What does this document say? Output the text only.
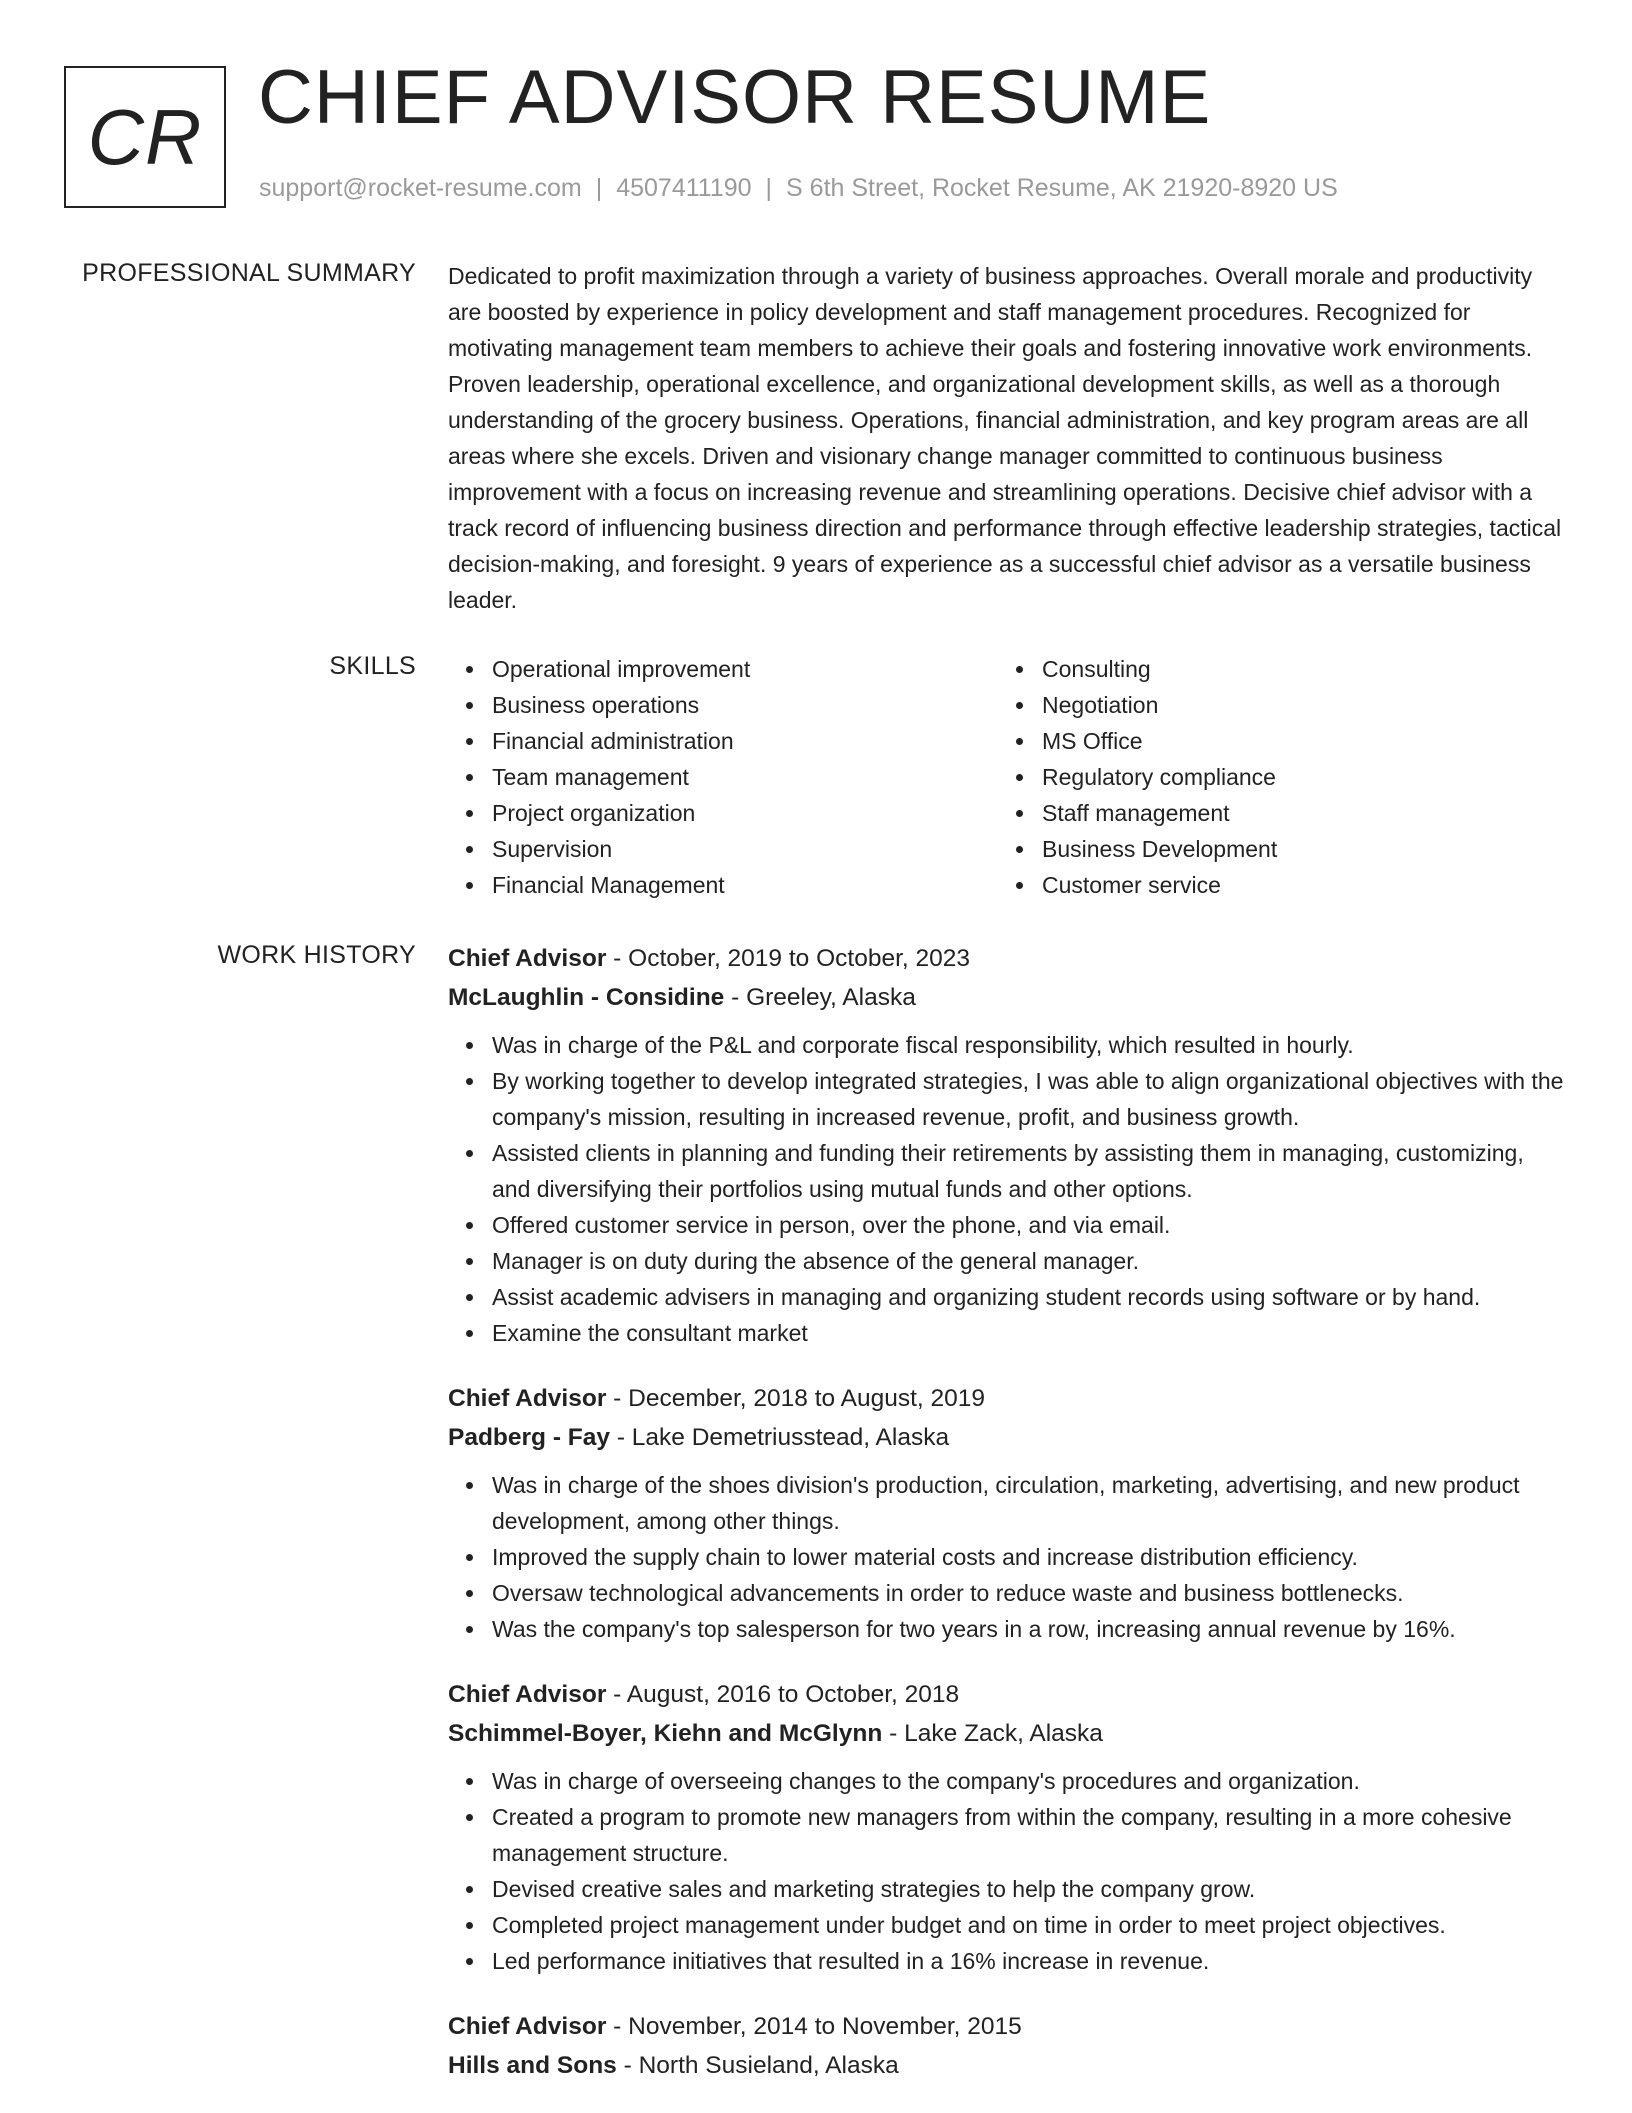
CR CHIEF ADVISOR RESUME
support@rocket-resume.com | 4507411190 | S 6th Street, Rocket Resume, AK 21920-8920 US
PROFESSIONAL SUMMARY Dedicated to profit maximization through a variety of business approaches. Overall morale and productivity are boosted by experience in policy development and staff management procedures. Recognized for motivating management team members to achieve their goals and fostering innovative work environments. Proven leadership, operational excellence, and organizational development skills, as well as a thorough understanding of the grocery business. Operations, financial administration, and key program areas are all areas where she excels. Driven and visionary change manager committed to continuous business improvement with a focus on increasing revenue and streamlining operations. Decisive chief advisor with a track record of influencing business direction and performance through effective leadership strategies, tactical decision-making, and foresight. 9 years of experience as a successful chief advisor as a versatile business leader.

SKILLS	Operational improvement
Business operations
Financial administration
Team management
Project organization
Supervision
Financial Management
Consulting
Negotiation
MS Office
Regulatory compliance
Staff management
Business Development
Customer service
WORK HISTORY Chief Advisor - October, 2019 to October, 2023
McLaughlin - Considine - Greeley, Alaska
Was in charge of the P&L and corporate fiscal responsibility, which resulted in hourly.
By working together to develop integrated strategies, I was able to align organizational objectives with the company's mission, resulting in increased revenue, profit, and business growth.
Assisted clients in planning and funding their retirements by assisting them in managing, customizing, and diversifying their portfolios using mutual funds and other options.
Offered customer service in person, over the phone, and via email.
Manager is on duty during the absence of the general manager.
Assist academic advisers in managing and organizing student records using software or by hand.
Examine the consultant market
Chief Advisor - December, 2018 to August, 2019
Padberg - Fay - Lake Demetriusstead, Alaska
Was in charge of the shoes division's production, circulation, marketing, advertising, and new product development, among other things.
Improved the supply chain to lower material costs and increase distribution efficiency.
Oversaw technological advancements in order to reduce waste and business bottlenecks.
Was the company's top salesperson for two years in a row, increasing annual revenue by 16%.
Chief Advisor - August, 2016 to October, 2018
Schimmel-Boyer, Kiehn and McGlynn - Lake Zack, Alaska
Was in charge of overseeing changes to the company's procedures and organization.
Created a program to promote new managers from within the company, resulting in a more cohesive management structure.
Devised creative sales and marketing strategies to help the company grow.
Completed project management under budget and on time in order to meet project objectives.
Led performance initiatives that resulted in a 16% increase in revenue.
Chief Advisor - November, 2014 to November, 2015
Hills and Sons - North Susieland, Alaska
